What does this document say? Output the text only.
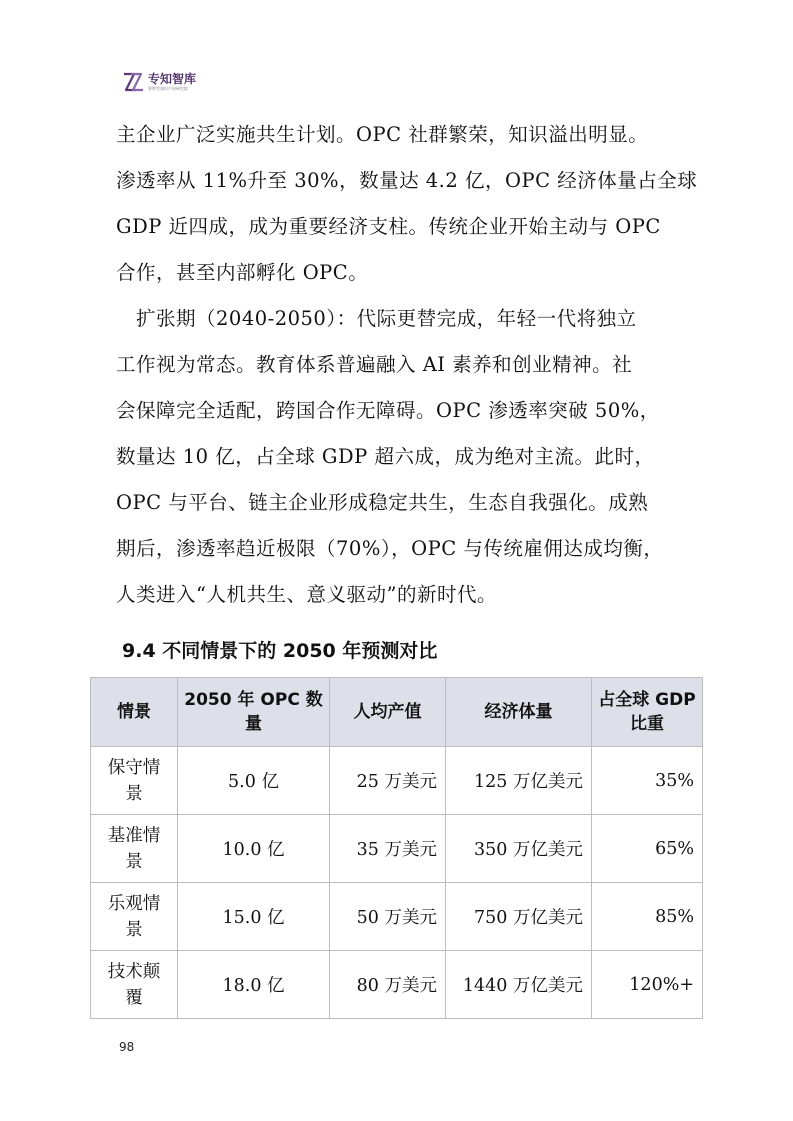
专知智库
智库型知识产权研究院
主企业广泛实施共生计划。OPC 社群繁荣，知识溢出明显。
渗透率从 11%升至 30%，数量达 4.2 亿，OPC 经济体量占全球
GDP 近四成，成为重要经济支柱。传统企业开始主动与 OPC
合作，甚至内部孵化 OPC。
　扩张期（2040-2050）：代际更替完成，年轻一代将独立
工作视为常态。教育体系普遍融入 AI 素养和创业精神。社
会保障完全适配，跨国合作无障碍。OPC 渗透率突破 50%，
数量达 10 亿，占全球 GDP 超六成，成为绝对主流。此时，
OPC 与平台、链主企业形成稳定共生，生态自我强化。成熟
期后，渗透率趋近极限（70%），OPC 与传统雇佣达成均衡，
人类进入“人机共生、意义驱动”的新时代。
9.4 不同情景下的 2050 年预测对比
情景	2050 年 OPC 数量	人均产值	经济体量	占全球 GDP 比重
保守情景	5.0 亿	25 万美元	125 万亿美元	35%
基准情景	10.0 亿	35 万美元	350 万亿美元	65%
乐观情景	15.0 亿	50 万美元	750 万亿美元	85%
技术颠覆	18.0 亿	80 万美元	1440 万亿美元	120%+
98
